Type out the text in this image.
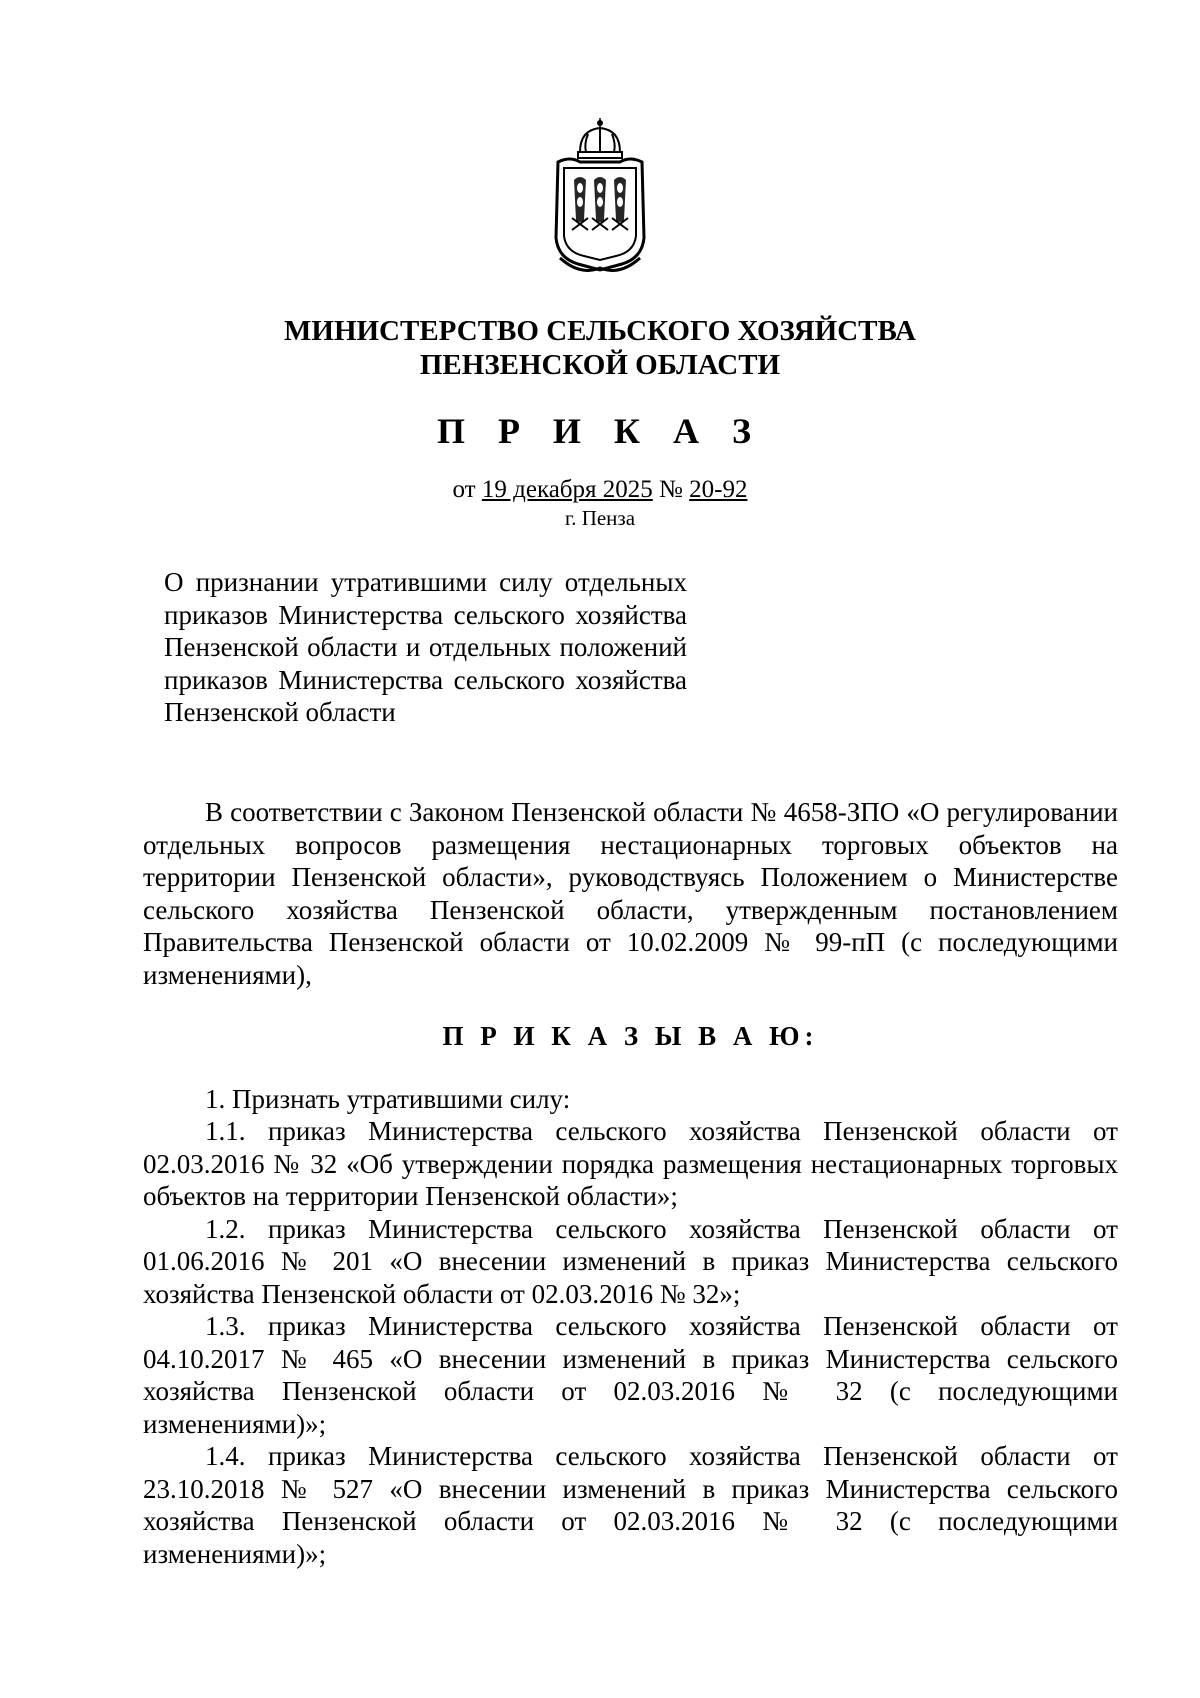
МИНИСТЕРСТВО СЕЛЬСКОГО ХОЗЯЙСТВА
ПЕНЗЕНСКОЙ ОБЛАСТИ
П Р И К А З
от 19 декабря 2025 № 20-92
г. Пенза
О признании утратившими силу отдельных приказов Министерства сельского хозяйства Пензенской области и отдельных положений приказов Министерства сельского хозяйства Пензенской области

В соответствии с Законом Пензенской области № 4658-ЗПО «О регулировании отдельных вопросов размещения нестационарных торговых объектов на территории Пензенской области», руководствуясь Положением о Министерстве сельского хозяйства Пензенской области, утвержденным постановлением Правительства Пензенской области от 10.02.2009 № 99-пП (с последующими изменениями),

П Р И К А З Ы В А Ю:

1. Признать утратившими силу:

1.1. приказ Министерства сельского хозяйства Пензенской области от 02.03.2016 № 32 «Об утверждении порядка размещения нестационарных торговых объектов на территории Пензенской области»;

1.2. приказ Министерства сельского хозяйства Пензенской области от 01.06.2016 № 201 «О внесении изменений в приказ Министерства сельского хозяйства Пензенской области от 02.03.2016 № 32»;

1.3. приказ Министерства сельского хозяйства Пензенской области от 04.10.2017 № 465 «О внесении изменений в приказ Министерства сельского хозяйства Пензенской области от 02.03.2016 № 32 (с последующими изменениями)»;

1.4. приказ Министерства сельского хозяйства Пензенской области от 23.10.2018 № 527 «О внесении изменений в приказ Министерства сельского хозяйства Пензенской области от 02.03.2016 № 32 (с последующими изменениями)»;
